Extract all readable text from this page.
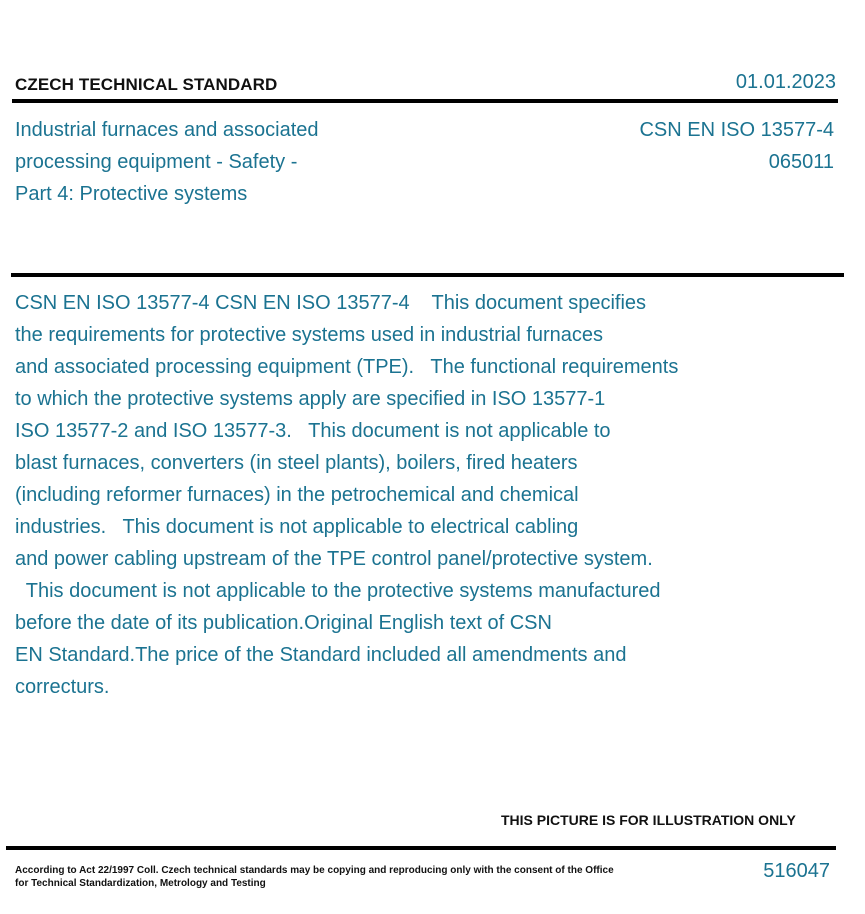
CZECH TECHNICAL STANDARD	01.01.2023
Industrial furnaces and associated
processing equipment - Safety -
Part 4: Protective systems
CSN EN ISO 13577-4
065011
CSN EN ISO 13577-4 CSN EN ISO 13577-4    This document specifies
the requirements for protective systems used in industrial furnaces
and associated processing equipment (TPE).   The functional requirements
to which the protective systems apply are specified in ISO 13577-1
ISO 13577-2 and ISO 13577-3.   This document is not applicable to
blast furnaces, converters (in steel plants), boilers, fired heaters
(including reformer furnaces) in the petrochemical and chemical
industries.   This document is not applicable to electrical cabling
and power cabling upstream of the TPE control panel/protective system.
This document is not applicable to the protective systems manufactured
before the date of its publication.Original English text of CSN
EN Standard.The price of the Standard included all amendments and
correcturs.
THIS PICTURE IS FOR ILLUSTRATION ONLY
According to Act 22/1997 Coll. Czech technical standards may be copying and reproducing only with the consent of the Office
for Technical Standardization, Metrology and Testing
516047
